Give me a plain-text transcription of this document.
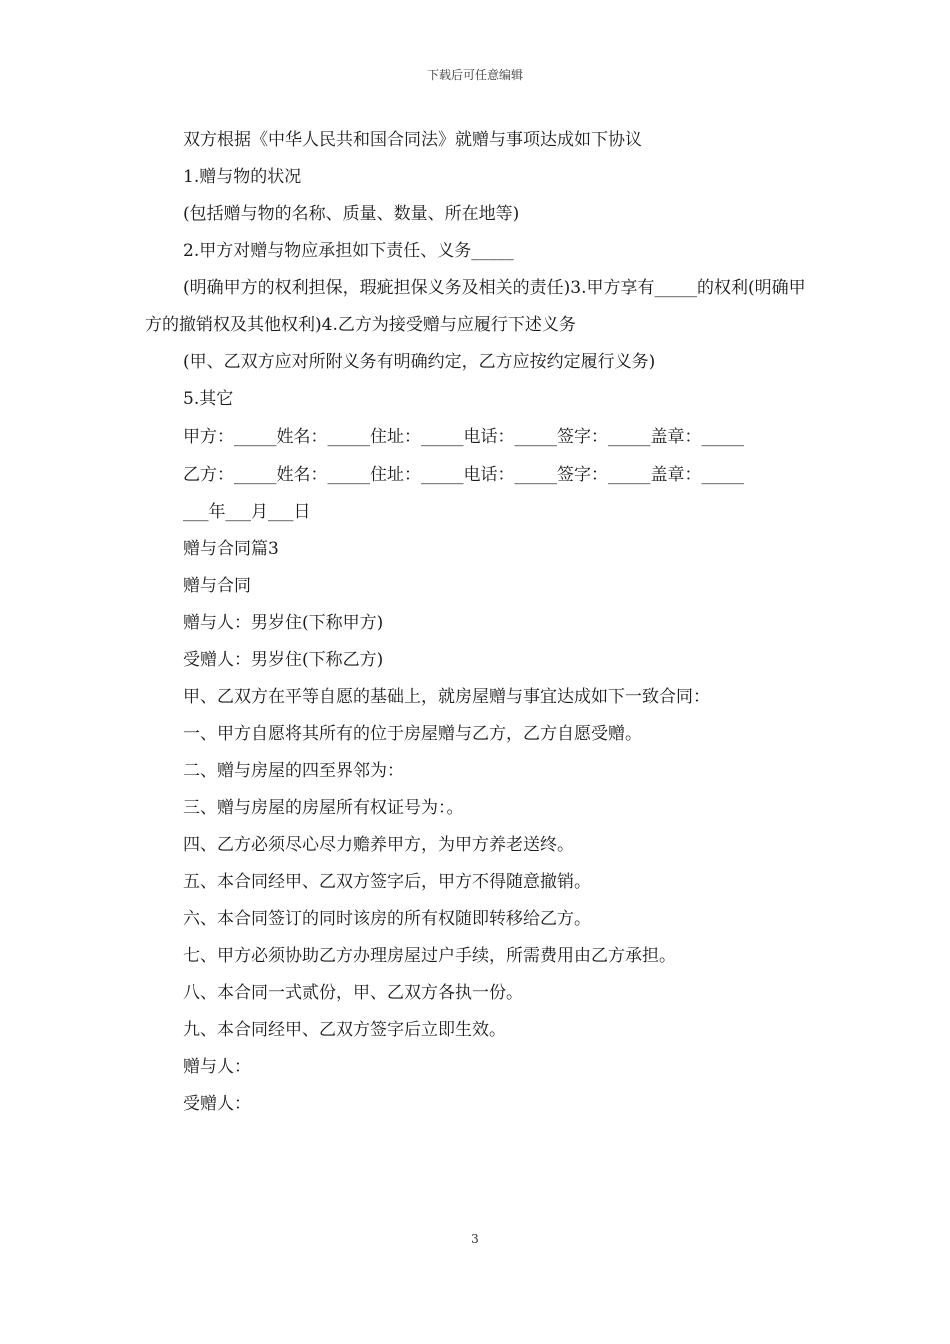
下载后可任意编辑

双方根据《中华人民共和国合同法》就赠与事项达成如下协议

1.赠与物的状况

(包括赠与物的名称、质量、数量、所在地等)

2.甲方对赠与物应承担如下责任、义务_____

(明确甲方的权利担保，瑕疵担保义务及相关的责任)3.甲方享有_____的权利(明确甲方的撤销权及其他权利)4.乙方为接受赠与应履行下述义务

(甲、乙双方应对所附义务有明确约定，乙方应按约定履行义务)

5.其它

甲方：_____姓名：_____住址：_____电话：_____签字：_____盖章：_____

乙方：_____姓名：_____住址：_____电话：_____签字：_____盖章：_____

___年___月___日

赠与合同篇3

赠与合同

赠与人：男岁住(下称甲方)

受赠人：男岁住(下称乙方)

甲、乙双方在平等自愿的基础上，就房屋赠与事宜达成如下一致合同：

一、甲方自愿将其所有的位于房屋赠与乙方，乙方自愿受赠。

二、赠与房屋的四至界邻为：

三、赠与房屋的房屋所有权证号为：。

四、乙方必须尽心尽力赡养甲方，为甲方养老送终。

五、本合同经甲、乙双方签字后，甲方不得随意撤销。

六、本合同签订的同时该房的所有权随即转移给乙方。

七、甲方必须协助乙方办理房屋过户手续，所需费用由乙方承担。

八、本合同一式贰份，甲、乙双方各执一份。

九、本合同经甲、乙双方签字后立即生效。

赠与人：

受赠人：

3
